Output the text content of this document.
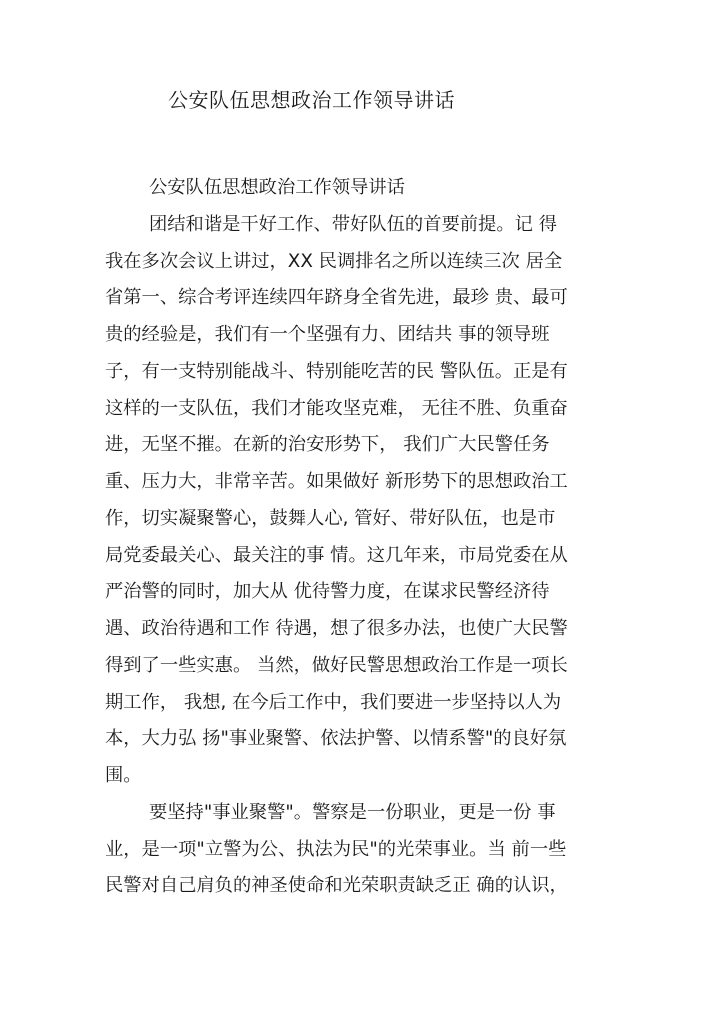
公安队伍思想政治工作领导讲话
公安队伍思想政治工作领导讲话
团结和谐是干好工作、带好队伍的首要前提。记 得
我在多次会议上讲过，XX 民调排名之所以连续三次 居全
省第一、综合考评连续四年跻身全省先进，最珍 贵、最可
贵的经验是，我们有一个坚强有力、团结共 事的领导班
子，有一支特别能战斗、特别能吃苦的民 警队伍。正是有
这样的一支队伍，我们才能攻坚克难， 无往不胜、负重奋
进，无坚不摧。在新的治安形势下， 我们广大民警任务
重、压力大，非常辛苦。如果做好 新形势下的思想政治工
作，切实凝聚警心，鼓舞人心, 管好、带好队伍，也是市
局党委最关心、最关注的事 情。这几年来，市局党委在从
严治警的同时，加大从 优待警力度，在谋求民警经济待
遇、政治待遇和工作 待遇，想了很多办法，也使广大民警
得到了一些实惠。 当然，做好民警思想政治工作是一项长
期工作， 我想, 在今后工作中，我们要进一步坚持以人为
本，大力弘 扬"事业聚警、依法护警、以情系警"的良好氛
围。
要坚持"事业聚警"。警察是一份职业，更是一份 事
业，是一项"立警为公、执法为民"的光荣事业。当 前一些
民警对自己肩负的神圣使命和光荣职责缺乏正 确的认识，
